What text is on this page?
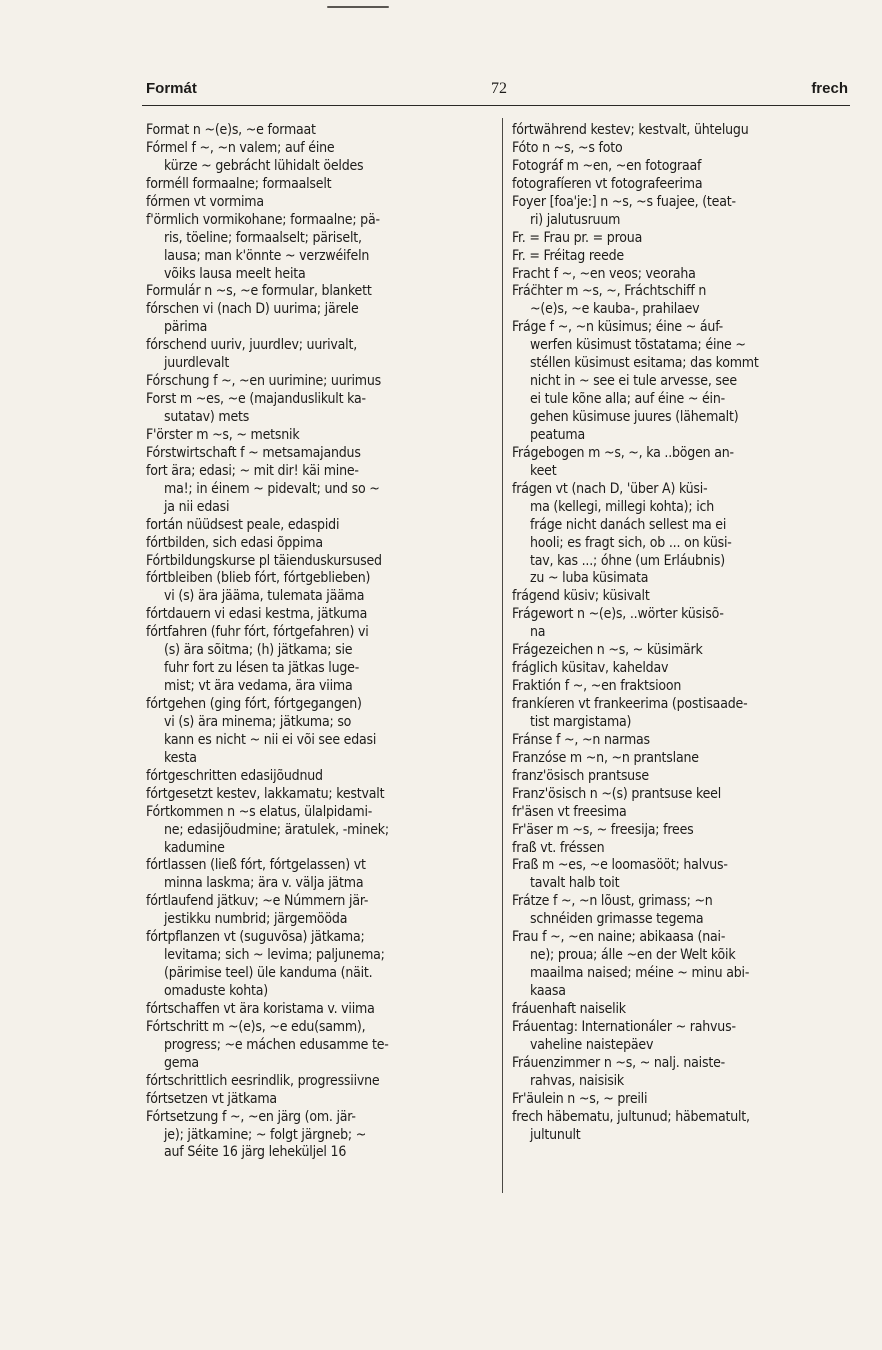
Formát	72	frech
Format n ~(e)s, ~e formaat
Fórmel f ~, ~n valem; auf éine
kürze ~ gebrácht lühidalt öeldes
forméll formaalne; formaalselt
fórmen vt vormima
f'örmlich vormikohane; formaalne; pä-
ris, töeline; formaalselt; päriselt,
lausa; man k'önnte ~ verzwéifeln
võiks lausa meelt heita
Formulár n ~s, ~e formular, blankett
fórschen vi (nach D) uurima; järele
pärima
fórschend uuriv, juurdlev; uurivalt,
juurdlevalt
Fórschung f ~, ~en uurimine; uurimus
Forst m ~es, ~e (majanduslikult ka-
sutatav) mets
F'örster m ~s, ~ metsnik
Fórstwirtschaft f ~ metsamajandus
fort ära; edasi; ~ mit dir! käi mine-
ma!; in éinem ~ pidevalt; und so ~
ja nii edasi
fortán nüüdsest peale, edaspidi
fórtbilden, sich edasi õppima
Fórtbildungskurse pl täienduskursused
fórtbleiben (blieb fórt, fórtgeblieben)
vi (s) ära jääma, tulemata jääma
fórtdauern vi edasi kestma, jätkuma
fórtfahren (fuhr fórt, fórtgefahren) vi
(s) ära sõitma; (h) jätkama; sie
fuhr fort zu lésen ta jätkas luge-
mist; vt ära vedama, ära viima
fórtgehen (ging fórt, fórtgegangen)
vi (s) ära minema; jätkuma; so
kann es nicht ~ nii ei või see edasi
kesta
fórtgeschritten edasijõudnud
fórtgesetzt kestev, lakkamatu; kestvalt
Fórtkommen n ~s elatus, ülalpidami-
ne; edasijõudmine; äratulek, -minek;
kadumine
fórtlassen (ließ fórt, fórtgelassen) vt
minna laskma; ära v. välja jätma
fórtlaufend jätkuv; ~e Númmern jär-
jestikku numbrid; järgemööda
fórtpflanzen vt (suguvõsa) jätkama;
levitama; sich ~ levima; paljunema;
(pärimise teel) üle kanduma (näit.
omaduste kohta)
fórtschaffen vt ära koristama v. viima
Fórtschritt m ~(e)s, ~e edu(samm),
progress; ~e máchen edusamme te-
gema
fórtschrittlich eesrindlik, progressiivne
fórtsetzen vt jätkama
Fórtsetzung f ~, ~en järg (om. jär-
je); jätkamine; ~ folgt järgneb; ~
auf Séite 16 järg leheküljel 16
fórtwährend kestev; kestvalt, ühtelugu
Fóto n ~s, ~s foto
Fotográf m ~en, ~en fotograaf
fotografíeren vt fotografeerima
Foyer [foa'je:] n ~s, ~s fuajee, (teat-
ri) jalutusruum
Fr. = Frau pr. = proua
Fr. = Fréitag reede
Fracht f ~, ~en veos; veoraha
Frác̈hter m ~s, ~, Fráchtschiff n
~(e)s, ~e kauba-, prahilaev
Fráge f ~, ~n küsimus; éine ~ áuf-
werfen küsimust tõstatama; éine ~
stéllen küsimust esitama; das kommt
nicht in ~ see ei tule arvesse, see
ei tule kõne alla; auf éine ~ éin-
gehen küsimuse juures (lähemalt)
peatuma
Frágebogen m ~s, ~, ka ..bögen an-
keet
frágen vt (nach D, 'über A) küsi-
ma (kellegi, millegi kohta); ich
fráge nicht danách sellest ma ei
hooli; es fragt sich, ob ... on küsi-
tav, kas ...; óhne (um Erláubnis)
zu ~ luba küsimata
frágend küsiv; küsivalt
Frágewort n ~(e)s, ..wörter küsisõ-
na
Frágezeichen n ~s, ~ küsimärk
fráglich küsitav, kaheldav
Fraktión f ~, ~en fraktsioon
frankíeren vt frankeerima (postisaade-
tist margistama)
Fránse f ~, ~n narmas
Franzóse m ~n, ~n prantslane
franz'ösisch prantsuse
Franz'ösisch n ~(s) prantsuse keel
fr'äsen vt freesima
Fr'äser m ~s, ~ freesija; frees
fraß vt. fréssen
Fraß m ~es, ~e loomasööt; halvus-
tavalt halb toit
Frátze f ~, ~n lõust, grimass; ~n
schnéiden grimasse tegema
Frau f ~, ~en naine; abikaasa (nai-
ne); proua; álle ~en der Welt kõik
maailma naised; méine ~ minu abi-
kaasa
fráuenhaft naiselik
Fráuentag: Internationáler ~ rahvus-
vaheline naistepäev
Fráuenzimmer n ~s, ~ nalj. naiste-
rahvas, naisisik
Fr'äulein n ~s, ~ preili
frech häbematu, jultunud; häbematult,
jultunult
